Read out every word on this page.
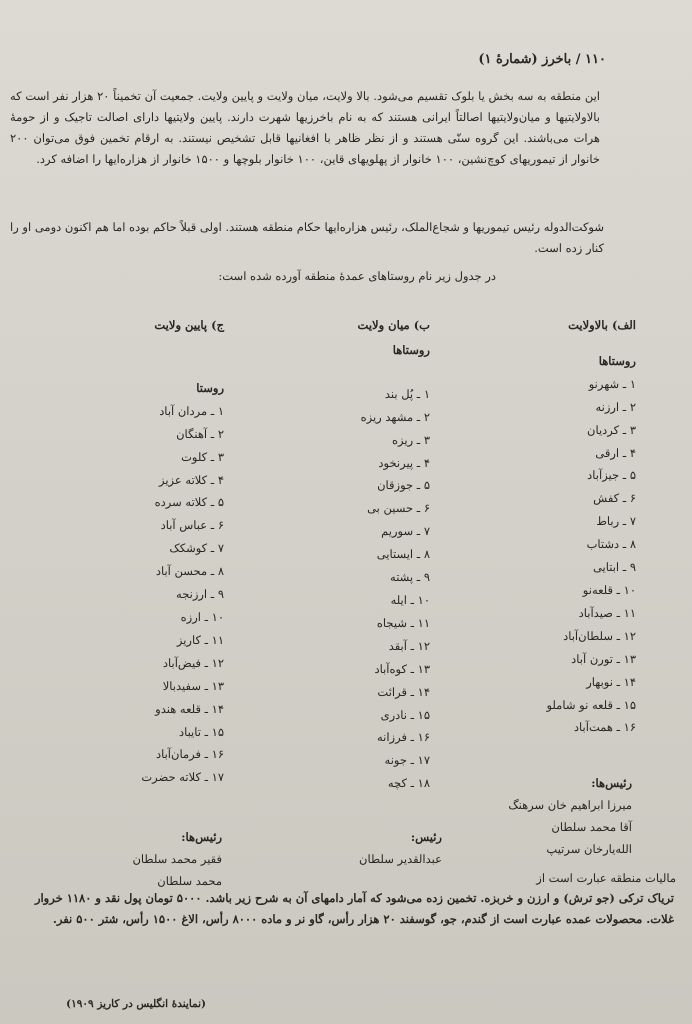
۱۱۰ / باخرز (شمارهٔ ۱)

این منطقه به سه بخش یا بلوک تقسیم می‌شود. بالا ولایت، میان ولایت و پایین ولایت. جمعیت آن تخمیناً ۲۰ هزار نفر است که بالاولایتیها و میان‌ولایتیها اصالتاً ایرانی هستند که به نام باخرزیها شهرت دارند. پایین ولایتیها دارای اصالت تاجیک و از حومهٔ هرات می‌باشند. این گروه سنّی هستند و از نظر ظاهر با افغانیها قابل تشخیص نیستند. به ارقام تخمین فوق می‌توان ۲۰۰ خانوار از تیموریهای کوچ‌نشین، ۱۰۰ خانوار از پهلویهای قاین، ۱۰۰ خانوار بلوچها و ۱۵۰۰ خانوار از هزاره‌ایها را اضافه کرد.

شوکت‌الدوله رئیس تیموریها و شجاع‌الملک، رئیس هزاره‌ایها حکام منطقه هستند. اولی قبلاً حاکم بوده اما هم اکنون دومی او را کنار زده است.

در جدول زیر نام روستاهای عمدهٔ منطقه آورده شده است:

الف) بالاولایت
روستاها
۱ ـ شهرنو
۲ ـ ارزنه
۳ ـ کردیان
۴ ـ ارقی
۵ ـ جیزآباد
۶ ـ کفش
۷ ـ رباط
۸ ـ دشتاب
۹ ـ ابتایی
۱۰ ـ قلعه‌نو
۱۱ ـ صیدآباد
۱۲ ـ سلطان‌آباد
۱۳ ـ تورن آباد
۱۴ ـ نوبهار
۱۵ ـ قلعه نو شاملو
۱۶ ـ همت‌آباد
ب) میان ولایت
روستاها
۱ ـ پُل بند
۲ ـ مشهد ریزه
۳ ـ ریزه
۴ ـ پیرنخود
۵ ـ جوزقان
۶ ـ حسین بی
۷ ـ سوریم
۸ ـ ایستایی
۹ ـ پشته
۱۰ ـ ایله
۱۱ ـ شیجاه
۱۲ ـ آبقد
۱۳ ـ کوه‌آباد
۱۴ ـ قرائت
۱۵ ـ نادری
۱۶ ـ فرزانه
۱۷ ـ جونه
۱۸ ـ کچه
ج) پایین ولایت
روستا
۱ ـ مردان آباد
۲ ـ آهنگان
۳ ـ کلوت
۴ ـ کلاته عزیز
۵ ـ کلاته سرده
۶ ـ عباس آباد
۷ ـ کوشکک
۸ ـ محسن آباد
۹ ـ ارزنجه
۱۰ ـ ارزه
۱۱ ـ کاریز
۱۲ ـ فیض‌آباد
۱۳ ـ سفیدبالا
۱۴ ـ قلعه هندو
۱۵ ـ تایباد
۱۶ ـ فرمان‌آباد
۱۷ ـ کلاته حضرت	رئیس‌ها:
میرزا ابراهیم خان سرهنگ
آقا محمد سلطان
الله‌یارخان سرتیپ
رئیس:
عبدالقدیر سلطان
رئیس‌ها:
فقیر محمد سلطان
محمد سلطان	مالیات منطقه عبارت است از
تریاک ترکی (جو ترش) و ارزن و خربزه. تخمین زده می‌شود که آمار دامهای آن به شرح زیر باشد. ۵۰۰۰ تومان پول نقد و ۱۱۸۰ خروار غلات. محصولات عمده عبارت است از گندم، جو، گوسفند ۲۰ هزار رأس، گاو نر و ماده ۸۰۰۰ رأس، الاغ ۱۵۰۰ رأس، شتر ۵۰۰ نفر.
(نمایندهٔ انگلیس در کاریز ۱۹۰۹)
